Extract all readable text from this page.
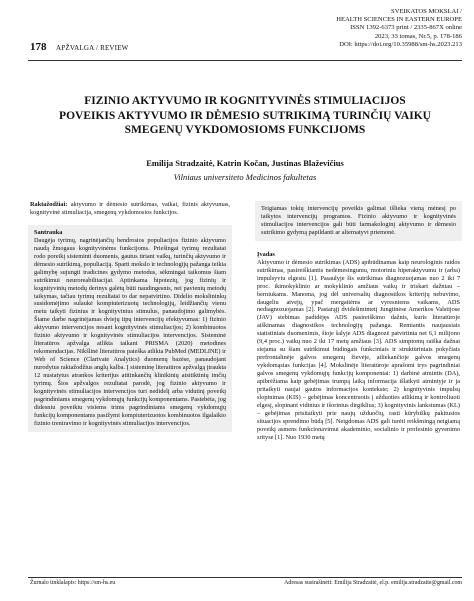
SVEIKATOS MOKSLAI /
HEALTH SCIENCES IN EASTERN EUROPE
ISSN 1392-6373 print / 2335-867X online
2023, 33 tomas, Nr.5, p. 178-186
DOI: https://doi.org/10.35988/sm-hs.2023.213
178 APŽVALGA / REVIEW
FIZINIO AKTYVUMO IR KOGNITYVINĖS STIMULIACIJOS
POVEIKIS AKTYVUMO IR DĖMESIO SUTRIKIMĄ TURINČIŲ VAIKŲ
SMEGENŲ VYKDOMOSIOMS FUNKCIJOMS
Emilija Stradzaitė, Katrin Kočan, Justinas Blaževičius
Vilniaus universiteto Medicinos fakultetas

Raktažodžiai: aktyvumo ir dėmesio sutrikimas, vaikai, fizinis aktyvumas, kognityvinė stimuliacija, smegenų vykdomosios funkcijos.

Santrauka

Daugėja tyrimų, nagrinėjančių bendrosios populiacijos fizinio aktyvumo naudą žmogaus kognityvinėms funkcijoms. Priešingai tyrimų rezultatai rodo poreikį sisteminti duomenis, gautus tiriant vaikų, turinčių aktyvumo ir dėmesio sutrikimą, populiaciją. Sparti mokslo ir technologijų pažanga teikia galimybę sujungti tradicines gydymo metodus, sėkmingai taikomus šiam sutrikimui neuroreabilitacijai. Aptinkama hipotezių, jog fizinių ir kognityvinių metodų derinys galėtų būti naudingesnis, nei pavienių metodų taikymas, tačiau tyrimų rezultatai to dar nepatvirtino. Didelio mokslininkų susidomėjimo sulaukė kompiuterizuotų technologijų, leidžiančių vienu metu taikyti fizinius ir kognityvinius stimulus, panaudojimo galimybės. Šiame darbe nagrinėjamas dviejų tipų intervencijų efektyvumas: 1) fizinio aktyvumo intervencijos nesant kognityvinės stimuliacijos; 2) kombinuotos fizinio aktyvumo ir kognityvinės stimuliacijos intervencijos. Sisteminė literatūros apžvalga atlikta taikant PRISMA (2020) metodines rekomendacijas. Nikšlinė literatūros paieška atlikta PubMed (MEDLINE) ir Web of Science (Clarivate Analytics) duomenų bazėse, panaudojant nurodytus raktažodžius anglų kalba. Į sisteminę literatūros apžvalgą įtraukta 12 nustatytus atrankos kriterijus atitinkančių klinikinių atsitiktinių imčių tyrimų. Šios apžvalgos rezultatai parodė, jog fizinio aktyvumo ir kognityvinės stimuliacijos intervencijos turi nedidelį arba vidutinį poveikį pagrindiniams smegenų vykdomųjų funkcijų komponentams. Pastebėta, jog didesniu poveikiu visiems trims pagrindiniams smegenų vykdomųjų funkcijų komponentams pasižymi kompiuterizuotos kombinuotos ilgalaikio fizinio treniravimo ir kognityvinės stimuliacijos intervencijos.

Teigiamas tokių intervencijų poveikis galimai išlieka vieną mėnesį po taikytos intervencijų programos. Fizinio aktyvumo ir kognityvinės stimuliacijos intervencijos gali būti farmakologinį aktyvumo ir dėmesio sutrikimo gydymą papildanti ar alternatyvi priemonė.

Įvadas

Aktyvumo ir dėmesio sutrikimas (ADS) apibūdinamas kaip neurologinis raidos sutrikimas, pasireiškiantis nedėmesingumu, motoriniu hiperaktyvumu ir (arba) impulsyviu elgesiu [1]. Pasaulyje šis sutrikimas diagnozuojamas nuo 2 iki 7 proc. ikimokyklinio ar mokyklinio amžiaus vaikų ir triskart dažniau – berniukams. Manoma, jog dėl universalių diagnostikos kriterijų nebuvimo, daugeliu atvejų, ypač mergaitėms ar vyresniems vaikams, ADS nediagnozuojamas [2]. Pastarąjį dvidešimtmetį Jungtinėse Amerikos Valstijose (JAV) stebimas padidėjęs ADS pasireiškimo dažnis, kuris literatūroje aiškinamas diagnostikos technologijų pažanga. Remiantis naujausiais statistiniais duomenimis, šioje šalyje ADS diagnozė patvirtinta net 6,1 milijono (9,4 proc.) vaikų nuo 2 iki 17 metų amžiaus [3]. ADS simptomų raiška dažnai siejama su šiam sutrikimui būdingais funkciniais ir struktūriniais pokyčiais prefrontalinėje galvos smegenų žievėje, atliekančioje galvos smegenų vykdomąsias funkcijas [4]. Mokslinėje literatūroje aprašomi trys pagrindiniai galvos smegenų vykdomųjų funkcijų komponentai: 1) darbinė atmintis (DA), apibrėžiama kaip gebėjimas trumpą laiką informacija išlaikyti atmintyje ir ja pritaikyti naujai gautos informacijos kontekste; 2) kognityvinis impulsų slopinimas (KIS) – gebėjimas koncentruotis į užduoties atlikimą ir kontroliuoti elgesį, slopinant vidinius ir išorinius dirgiklius; 3) kognityvinis lankstumas (KL) – gebėjimas prisitaikyti prie naujų užduočių, rasti kūrybiškų pakitusios situacijos sprendimo būdą [5]. Neigdomas ADS gali turėti reikšmingą neigiamą poveikį asmens funkcionavimui akademinio, socialinio ir profesinio gyvenimo srityse [1]. Nuo 1930 metų

Žurnalo tinklalapis: https://sm-hs.eu	Adresas susirašinėti: Emilija Stradzaitė, el.p. emilija.stradzaite@gmail.com
